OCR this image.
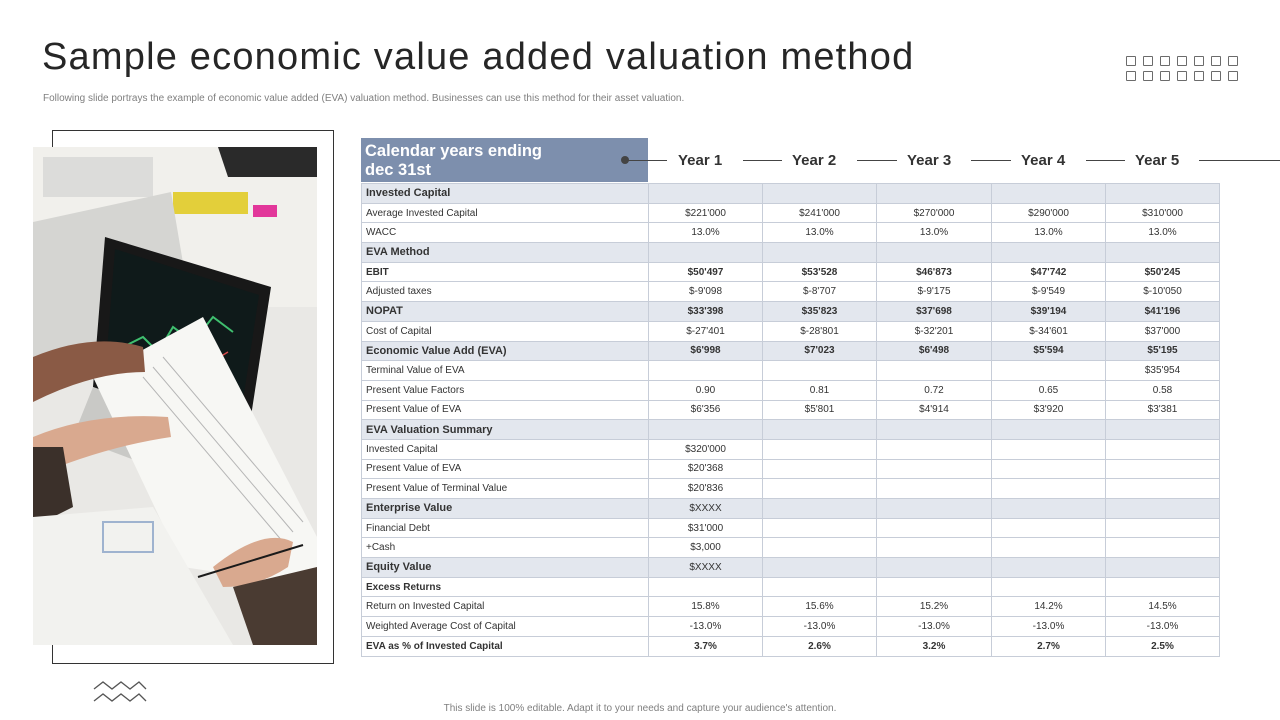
Sample economic value added valuation method
Following slide portrays the example of economic value added (EVA) valuation method. Businesses can use this method for their asset valuation.
Calendar years ending
dec 31st
Year 1	Year 2	Year 3	Year 4	Year 5
Invested Capital					
Average Invested Capital	$221'000	$241'000	$270'000	$290'000	$310'000
WACC	13.0%	13.0%	13.0%	13.0%	13.0%
EVA Method					
EBIT	$50'497	$53'528	$46'873	$47'742	$50'245
Adjusted taxes	$-9'098	$-8'707	$-9'175	$-9'549	$-10'050
NOPAT	$33'398	$35'823	$37'698	$39'194	$41'196
Cost of Capital	$-27'401	$-28'801	$-32'201	$-34'601	$37'000
Economic Value Add (EVA)	$6'998	$7'023	$6'498	$5'594	$5'195
Terminal Value of EVA					$35'954
Present Value Factors	0.90	0.81	0.72	0.65	0.58
Present Value of EVA	$6'356	$5'801	$4'914	$3'920	$3'381
EVA Valuation Summary					
Invested Capital	$320'000				
Present Value of EVA	$20'368				
Present Value of Terminal Value	$20'836				
Enterprise Value	$XXXX				
Financial Debt	$31'000				
+Cash	$3,000				
Equity Value	$XXXX				
Excess Returns					
Return on Invested Capital	15.8%	15.6%	15.2%	14.2%	14.5%
Weighted Average Cost of Capital	-13.0%	-13.0%	-13.0%	-13.0%	-13.0%
EVA as % of Invested Capital	3.7%	2.6%	3.2%	2.7%	2.5%
This slide is 100% editable. Adapt it to your needs and capture your audience's attention.
